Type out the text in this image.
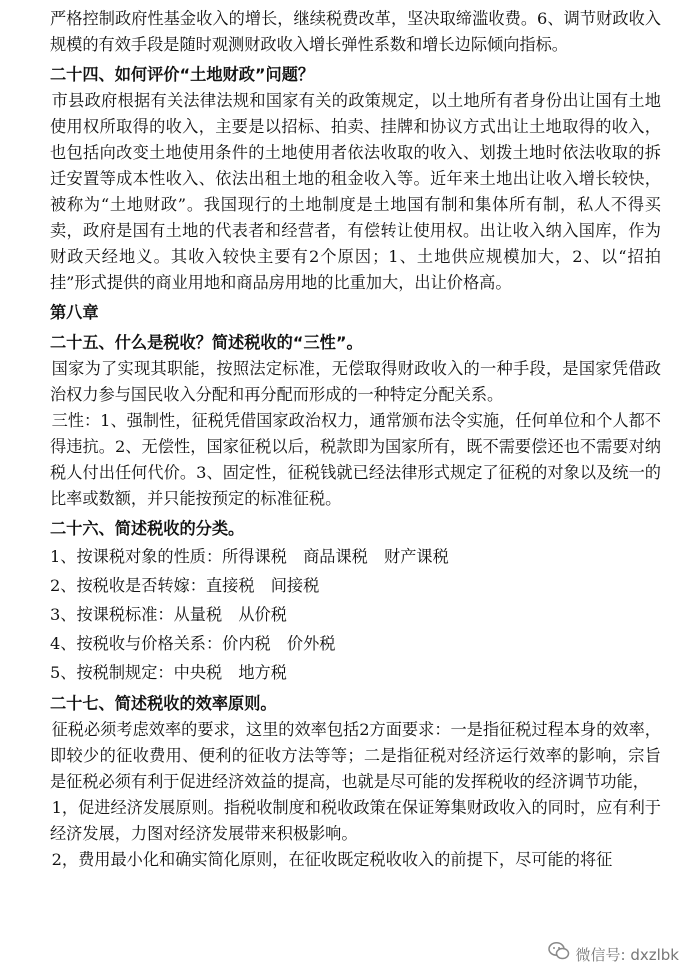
严格控制政府性基金收入的增长，继续税费改革，坚决取缔滥收费。6、调节财政收入规模的有效手段是随时观测财政收入增长弹性系数和增长边际倾向指标。

二十四、如何评价“土地财政”问题？

市县政府根据有关法律法规和国家有关的政策规定，以土地所有者身份出让国有土地使用权所取得的收入，主要是以招标、拍卖、挂牌和协议方式出让土地取得的收入，也包括向改变土地使用条件的土地使用者依法收取的收入、划拨土地时依法收取的拆迁安置等成本性收入、依法出租土地的租金收入等。近年来土地出让收入增长较快，被称为“土地财政”。我国现行的土地制度是土地国有制和集体所有制，私人不得买卖，政府是国有土地的代表者和经营者，有偿转让使用权。出让收入纳入国库，作为财政天经地义。其收入较快主要有2个原因；1、土地供应规模加大，2、以“招拍挂”形式提供的商业用地和商品房用地的比重加大，出让价格高。

第八章

二十五、什么是税收？简述税收的“三性”。

国家为了实现其职能，按照法定标准，无偿取得财政收入的一种手段，是国家凭借政治权力参与国民收入分配和再分配而形成的一种特定分配关系。

三性：1、强制性，征税凭借国家政治权力，通常颁布法令实施，任何单位和个人都不得违抗。2、无偿性，国家征税以后，税款即为国家所有，既不需要偿还也不需要对纳税人付出任何代价。3、固定性，征税钱就已经法律形式规定了征税的对象以及统一的比率或数额，并只能按预定的标准征税。

二十六、简述税收的分类。

1、按课税对象的性质：所得课税　商品课税　财产课税

2、按税收是否转嫁：直接税　间接税

3、按课税标准：从量税　从价税

4、按税收与价格关系：价内税　价外税

5、按税制规定：中央税　地方税

二十七、简述税收的效率原则。

征税必须考虑效率的要求，这里的效率包括2方面要求：一是指征税过程本身的效率，即较少的征收费用、便利的征收方法等等；二是指征税对经济运行效率的影响，宗旨是征税必须有利于促进经济效益的提高，也就是尽可能的发挥税收的经济调节功能，

1，促进经济发展原则。指税收制度和税收政策在保证筹集财政收入的同时，应有利于经济发展，力图对经济发展带来积极影响。

2，费用最小化和确实简化原则，在征收既定税收收入的前提下，尽可能的将征

微信号: dxzlbk
